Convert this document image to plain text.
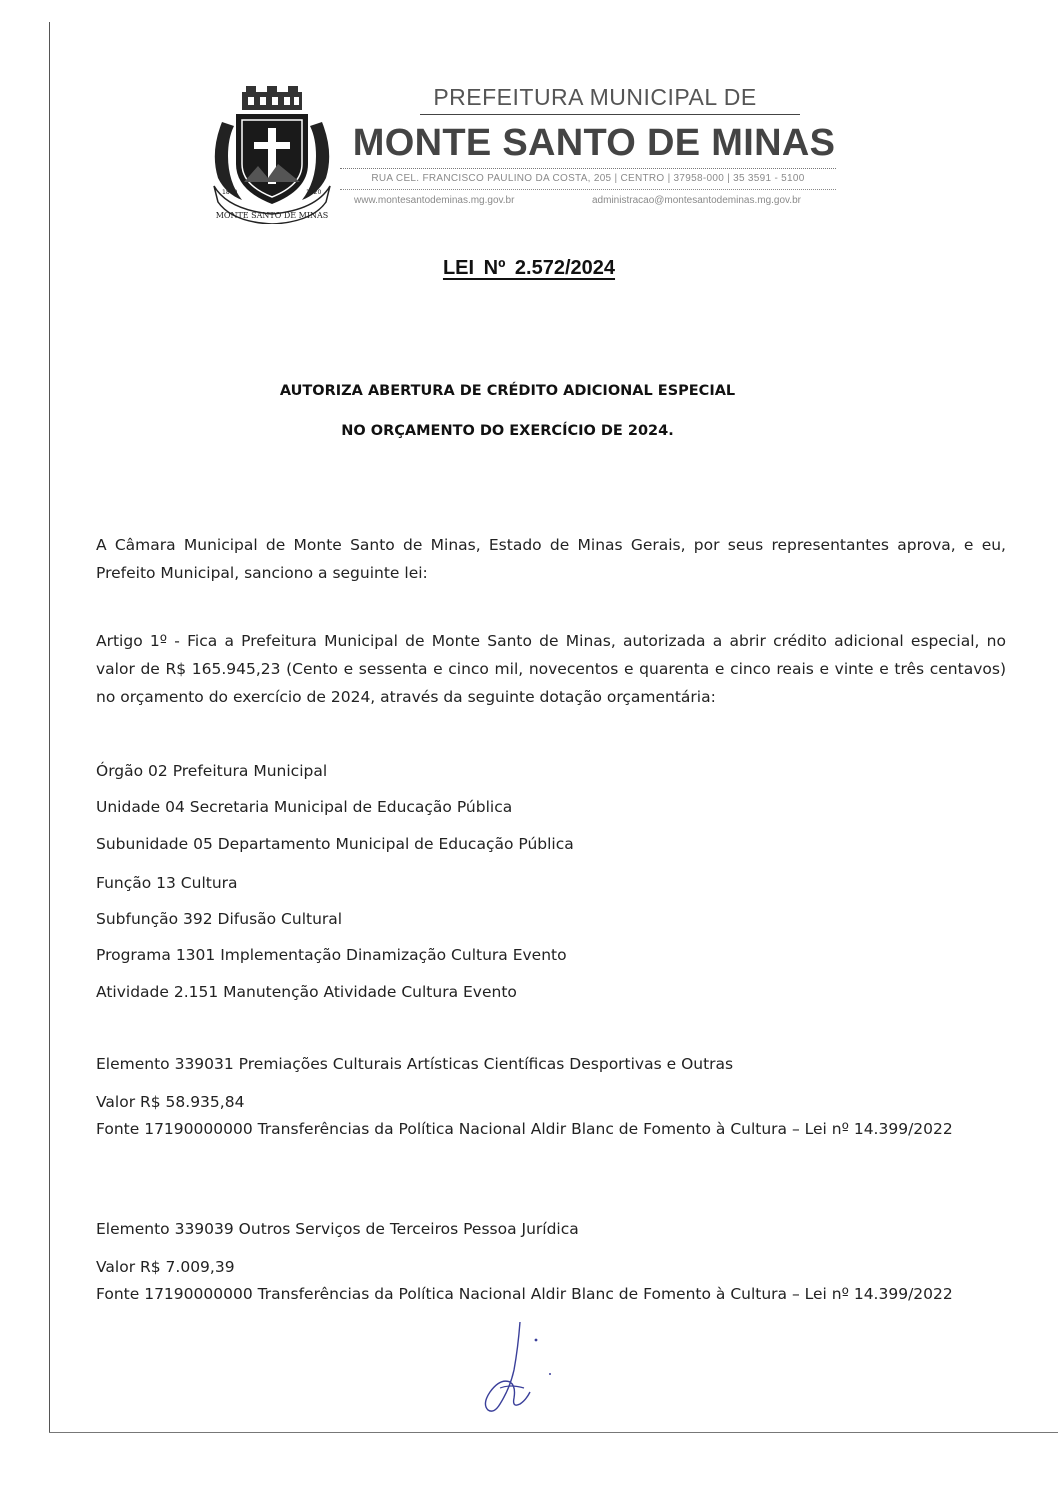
MONTE SANTO DE MINAS
1870	1920
PREFEITURA MUNICIPAL DE
MONTE SANTO DE MINAS
RUA CEL. FRANCISCO PAULINO DA COSTA, 205 | CENTRO | 37958-000 | 35 3591 - 5100
www.montesantodeminas.mg.gov.br	administracao@montesantodeminas.mg.gov.br
LEI Nº 2.572/2024
AUTORIZA ABERTURA DE CRÉDITO ADICIONAL ESPECIAL
NO ORÇAMENTO DO EXERCÍCIO DE 2024.
A Câmara Municipal de Monte Santo de Minas, Estado de Minas Gerais, por seus representantes aprova, e eu, Prefeito Municipal, sanciono a seguinte lei:
Artigo 1º - Fica a Prefeitura Municipal de Monte Santo de Minas, autorizada a abrir crédito adicional especial, no valor de R$ 165.945,23 (Cento e sessenta e cinco mil, novecentos e quarenta e cinco reais e vinte e três centavos) no orçamento do exercício de 2024, através da seguinte dotação orçamentária:
Órgão 02 Prefeitura Municipal
Unidade 04 Secretaria Municipal de Educação Pública
Subunidade 05 Departamento Municipal de Educação Pública
Função 13 Cultura
Subfunção 392 Difusão Cultural
Programa 1301 Implementação Dinamização Cultura Evento
Atividade 2.151 Manutenção Atividade Cultura Evento
Elemento 339031 Premiações Culturais Artísticas Científicas Desportivas e Outras
Valor R$ 58.935,84
Fonte 17190000000 Transferências da Política Nacional Aldir Blanc de Fomento à Cultura – Lei nº 14.399/2022
Elemento 339039 Outros Serviços de Terceiros Pessoa Jurídica
Valor R$ 7.009,39
Fonte 17190000000 Transferências da Política Nacional Aldir Blanc de Fomento à Cultura – Lei nº 14.399/2022
